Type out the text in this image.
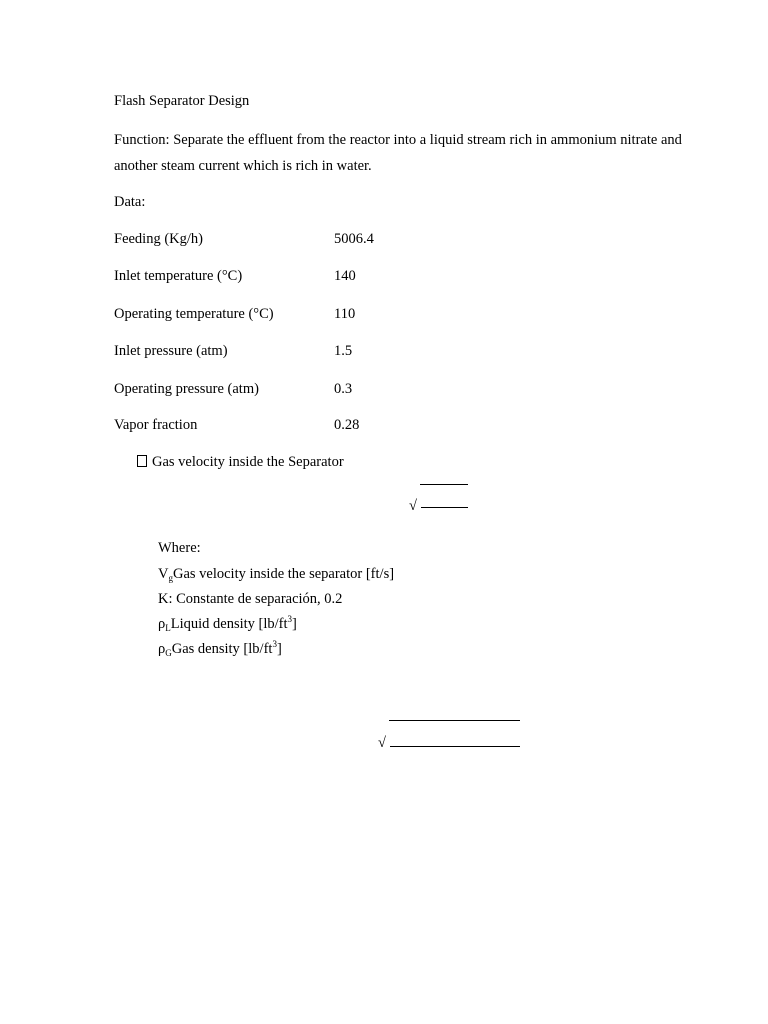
Flash Separator Design
Function: Separate the effluent from the reactor into a liquid stream rich in ammonium nitrate and another steam current which is rich in water.
Data:
Feeding (Kg/h)	5006.4
Inlet temperature (°C)	140
Operating temperature (°C)	110
Inlet pressure (atm)	1.5
Operating pressure (atm)	0.3
Vapor fraction	0.28
Gas velocity inside the Separator
√
Where:
$V_gGas$ velocity inside the separator [ft/s]
K: Constante de separación, 0.2
$\rho_LLiquid$ density $[lb/ft^3]$
$\rho_GGas$ density $[lb/ft^3]$
√
